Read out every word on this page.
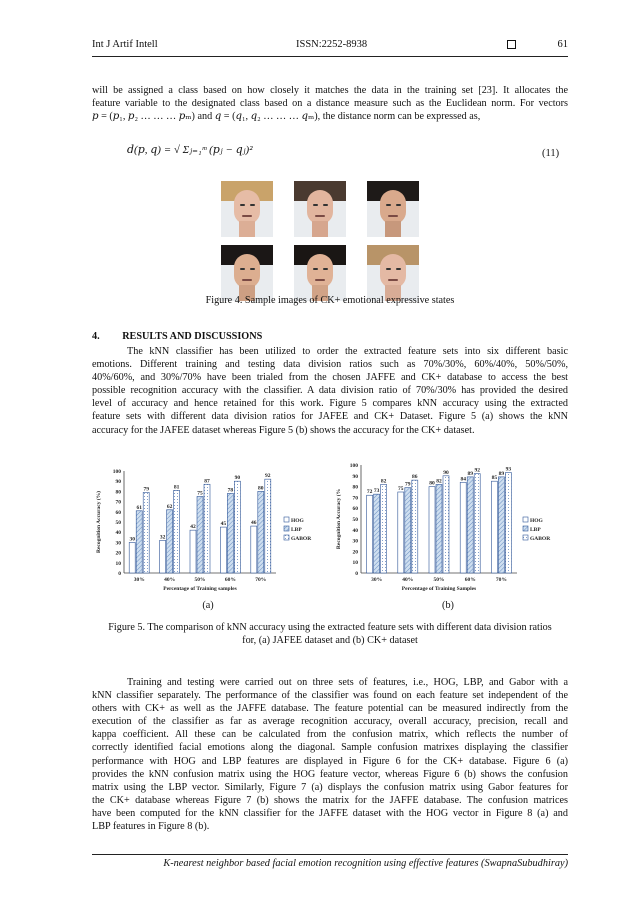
Int J Artif Intell	ISSN:2252-8938	61
will be assigned a class based on how closely it matches the data in the training set [23]. It allocates the
feature variable to the designated class based on a distance measure such as the Euclidean norm. For vectors
𝑝 = (𝑝₁, 𝑝₂ … … … 𝑝ₘ) and 𝑞 = (𝑞₁, 𝑞₂ … … … 𝑞ₘ), the distance norm can be expressed as,
𝑑(𝑝, 𝑞) = √ Σⱼ₌₁ᵐ (𝑝ⱼ − 𝑞ⱼ)²	(11)
Figure 4. Sample images of CK+ emotional expressive states
4. RESULTS AND DISCUSSIONS
The kNN classifier has been utilized to order the extracted feature sets into six different basic
emotions. Different training and testing data division ratios such as 70%/30%, 60%/40%, 50%/50%,
40%/60%, and 30%/70% have been trialed from the chosen JAFFE and CK+ database to access the best
possible recognition accuracy with the classifier. A data division ratio of 70%/30% has provided the desired
level of accuracy and hence retained for this work. Figure 5 compares kNN accuracy using the extracted
feature sets with different data division ratios for JAFEE and CK+ Dataset. Figure 5 (a) shows the kNN
accuracy for the JAFEE dataset whereas Figure 5 (b) shows the accuracy for the CK+ dataset.
0
10
20
30
40
50
60
70
80
90
100
Recognition Accuracy (%)	30
61
79
30%
32
62
81
40%
42
75
87
50%
45
78
90
60%
46
80
92
70%
Percentage of Training samples
HOG
LBP
GABOR
0
10
20
30
40
50
60
70
80
90
100
Recognition Accuracy (%	72 73
82
30%
75
79
86
40%
80 82
90
50%
84
89
92
60%
85
89
93
70%
Percentage of Training Samples
HOG
LBP
GABOR
(a)	(b)
Figure 5. The comparison of kNN accuracy using the extracted feature sets with different data division ratios
for, (a) JAFEE dataset and (b) CK+ dataset
Training and testing were carried out on three sets of features, i.e., HOG, LBP, and Gabor with a
kNN classifier separately. The performance of the classifier was found on each feature set independent of the
others with CK+ as well as the JAFFE database. The feature potential can be measured indirectly from the
execution of the classifier as far as average recognition accuracy, overall accuracy, precision, recall and
kappa coefficient. All these can be calculated from the confusion matrix, which reflects the number of
correctly identified facial emotions along the diagonal. Sample confusion matrixes displaying the classifier
performance with HOG and LBP features are displayed in Figure 6 for the CK+ database. Figure 6 (a)
provides the kNN confusion matrix using the HOG feature vector, whereas Figure 6 (b) shows the confusion
matrix using the LBP vector. Similarly, Figure 7 (a) displays the confusion matrix using Gabor features for
the CK+ database whereas Figure 7 (b) shows the matrix for the JAFFE database. The confusion matrices
have been computed for the kNN classifier for the JAFFE dataset with the HOG vector in Figure 8 (a) and
LBP features in Figure 8 (b).
K-nearest neighbor based facial emotion recognition using effective features (SwapnaSubudhiray)
